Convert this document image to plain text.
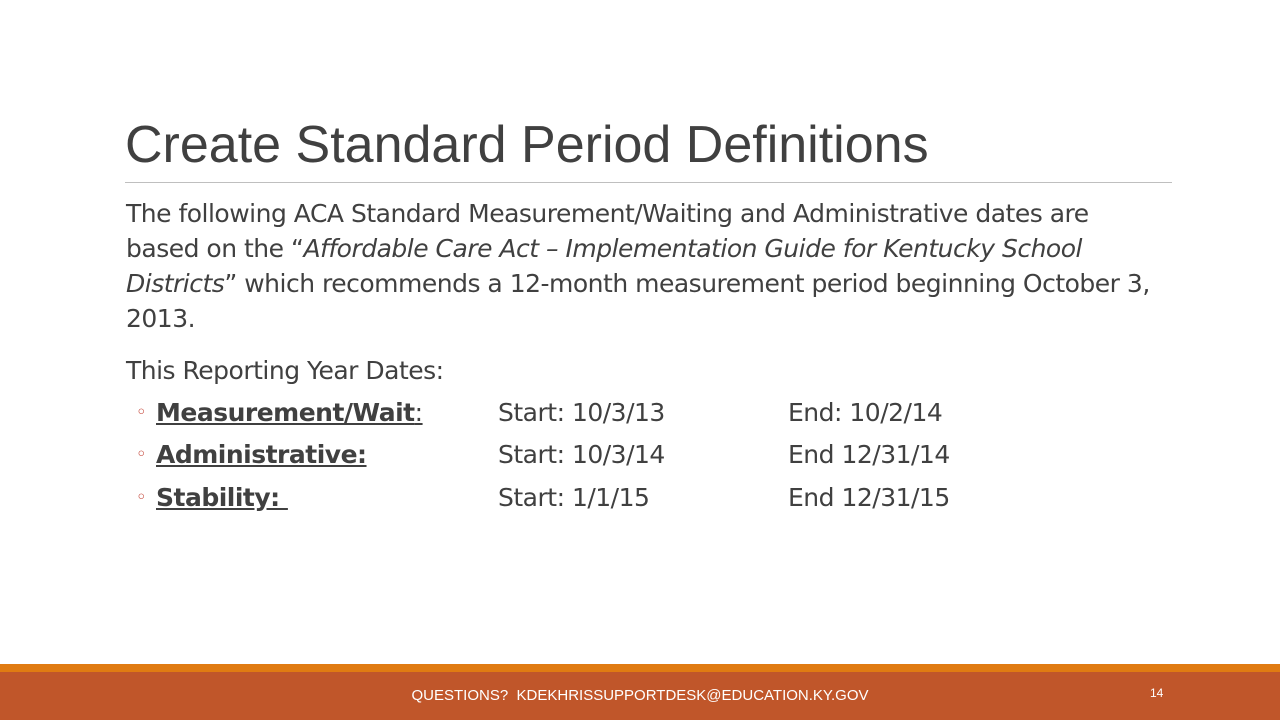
Create Standard Period Definitions

The following ACA Standard Measurement/Waiting and Administrative dates are based on the “Affordable Care Act – Implementation Guide for Kentucky School Districts” which recommends a 12-month measurement period beginning October 3, 2013.

This Reporting Year Dates:
◦ Measurement/Wait:	Start: 10/3/13	End: 10/2/14
◦ Administrative:	Start: 10/3/14	End 12/31/14
◦ Stability:	Start: 1/1/15	End 12/31/15
QUESTIONS?  KDEKHRISSUPPORTDESK@EDUCATION.KY.GOV	14
